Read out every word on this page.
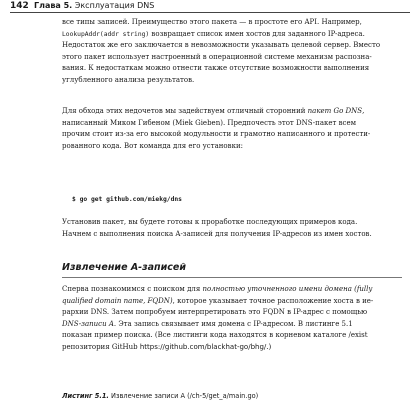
142 Глава 5. Эксплуатация DNS
все типы записей. Преимущество этого пакета — в простоте его API. Например,
LookupAddr(addr string) возвращает список имен хостов для заданного IP-адреса.
Недостаток же его заключается в невозможности указывать целевой сервер. Вместо
этого пакет использует настроенный в операционной системе механизм распозна-
вания. К недостаткам можно отнести также отсутствие возможности выполнения
углубленного анализа результатов.
Для обхода этих недочетов мы задействуем отличный сторонний пакет Go DNS,
написанный Миком Гибеном (Miek Gieben). Предпочесть этот DNS-пакет всем
прочим стоит из-за его высокой модульности и грамотно написанного и протести-
рованного кода. Вот команда для его установки:
$ go get github.com/miekg/dns
Установив пакет, вы будете готовы к проработке последующих примеров кода.
Начнем с выполнения поиска A-записей для получения IP-адресов из имен хостов.
Извлечение A-записей
Сперва познакомимся с поиском для полностью уточненного имени домена (fully
qualified domain name, FQDN), которое указывает точное расположение хоста в ие-
рархии DNS. Затем попробуем интерпретировать это FQDN в IP-адрес с помощью
DNS-записи A. Эта запись связывает имя домена с IP-адресом. В листинге 5.1
показан пример поиска. (Все листинги кода находятся в корневом каталоге /exist
репозитория GitHub https://github.com/blackhat-go/bhg/.)
Листинг 5.1. Извлечение записи A (/ch-5/get_a/main.go)
